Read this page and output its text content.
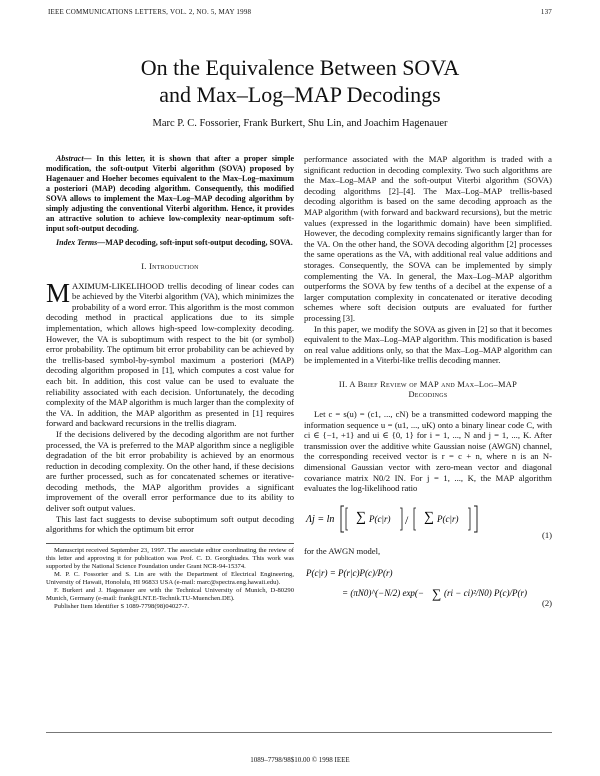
IEEE COMMUNICATIONS LETTERS, VOL. 2, NO. 5, MAY 1998	137
On the Equivalence Between SOVA
and Max–Log–MAP Decodings
Marc P. C. Fossorier, Frank Burkert, Shu Lin, and Joachim Hagenauer

Abstract— In this letter, it is shown that after a proper simple modification, the soft-output Viterbi algorithm (SOVA) proposed by Hagenauer and Hoeher becomes equivalent to the Max–Log–maximum a posteriori (MAP) decoding algorithm. Consequently, this modified SOVA allows to implement the Max–Log–MAP decoding algorithm by simply adjusting the conventional Viterbi algorithm. Hence, it provides an attractive solution to achieve low-complexity near-optimum soft-input soft-output decoding.

Index Terms—MAP decoding, soft-input soft-output decoding, SOVA.

I. Introduction

MAXIMUM-LIKELIHOOD trellis decoding of linear codes can be achieved by the Viterbi algorithm (VA), which minimizes the probability of a word error. This algorithm is the most common decoding method in practical applications due to its simple implementation, which allows high-speed low-complexity decoding. However, the VA is suboptimum with respect to the bit (or symbol) error probability. The optimum bit error probability can be achieved by the trellis-based symbol-by-symbol maximum a posteriori (MAP) decoding algorithm proposed in [1], which computes a cost value for each bit. In addition, this cost value can be used to evaluate the reliability associated with each decision. Unfortunately, the decoding complexity of the MAP algorithm is much larger than the complexity of the VA. In addition, the MAP algorithm as presented in [1] requires forward and backward recursions in the trellis diagram.

If the decisions delivered by the decoding algorithm are not further processed, the VA is preferred to the MAP algorithm since a negligible degradation of the bit error probability is achieved by an enormous reduction in decoding complexity. On the other hand, if these decisions are further processed, such as for concatenated schemes or iterative-decoding methods, the MAP algorithm provides a significant improvement of the overall error performance due to its ability to deliver soft output values.

This last fact suggests to devise suboptimum soft output decoding algorithms for which the optimum bit error

Manuscript received September 23, 1997. The associate editor coordinating the review of this letter and approving it for publication was Prof. C. D. Georghiades. This work was supported by the National Science Foundation under Grant NCR-94-15374.

M. P. C. Fossorier and S. Lin are with the Department of Electrical Engineering, University of Hawaii, Honolulu, HI 96833 USA (e-mail: marc@spectra.eng.hawaii.edu).

F. Burkert and J. Hagenauer are with the Technical University of Munich, D-80290 Munich, Germany (e-mail: frank@LNT.E-Technik.TU-Muenchen.DE).

Publisher Item Identifier S 1089-7798(98)04027-7.

performance associated with the MAP algorithm is traded with a significant reduction in decoding complexity. Two such algorithms are the Max–Log–MAP and the soft-output Viterbi algorithm (SOVA) decoding algorithms [2]–[4]. The Max–Log–MAP trellis-based decoding algorithm is based on the same decoding approach as the MAP algorithm (with forward and backward recursions), but the metric values (expressed in the logarithmic domain) have been simplified. However, the decoding complexity remains significantly larger than for the VA. On the other hand, the SOVA decoding algorithm [2] processes the same operations as the VA, with additional real value additions and storages. Consequently, the SOVA can be implemented by simply complementing the VA. In general, the Max–Log–MAP algorithm outperforms the SOVA by few tenths of a decibel at the expense of a larger computation complexity in concatenated or iterative decoding schemes where soft decision outputs are evaluated for further processing [3].

In this paper, we modify the SOVA as given in [2] so that it becomes equivalent to the Max–Log–MAP algorithm. This modification is based on real value additions only, so that the Max–Log–MAP algorithm can be implemented in a Viterbi-like trellis decoding manner.

II. A Brief Review of MAP and Max–Log–MAP
Decodings

Let c = s(u) = (c1, ..., cN) be a transmitted codeword mapping the information sequence u = (u1, ..., uK) onto a binary linear code C, with ci ∈ {−1, +1} and ui ∈ {0, 1} for i = 1, ..., N and j = 1, ..., K. After transmission over the additive white Gaussian noise (AWGN) channel, the corresponding received vector is r = c + n, where n is an N-dimensional Gaussian vector with zero-mean vector and diagonal covariance matrix N0/2 IN. For j = 1, ..., K, the MAP algorithm evaluates the log-likelihood ratio

Λj = ln ∑ P(c|r) / ∑ P(c|r)
(1)

for the AWGN model,

P(c|r) = P(r|c)P(c)/P(r)
= (πN0)^(−N/2) exp(− ∑ (ri − ci)²/N0) P(c)/P(r)
(2)
1089–7798/98$10.00 © 1998 IEEE
